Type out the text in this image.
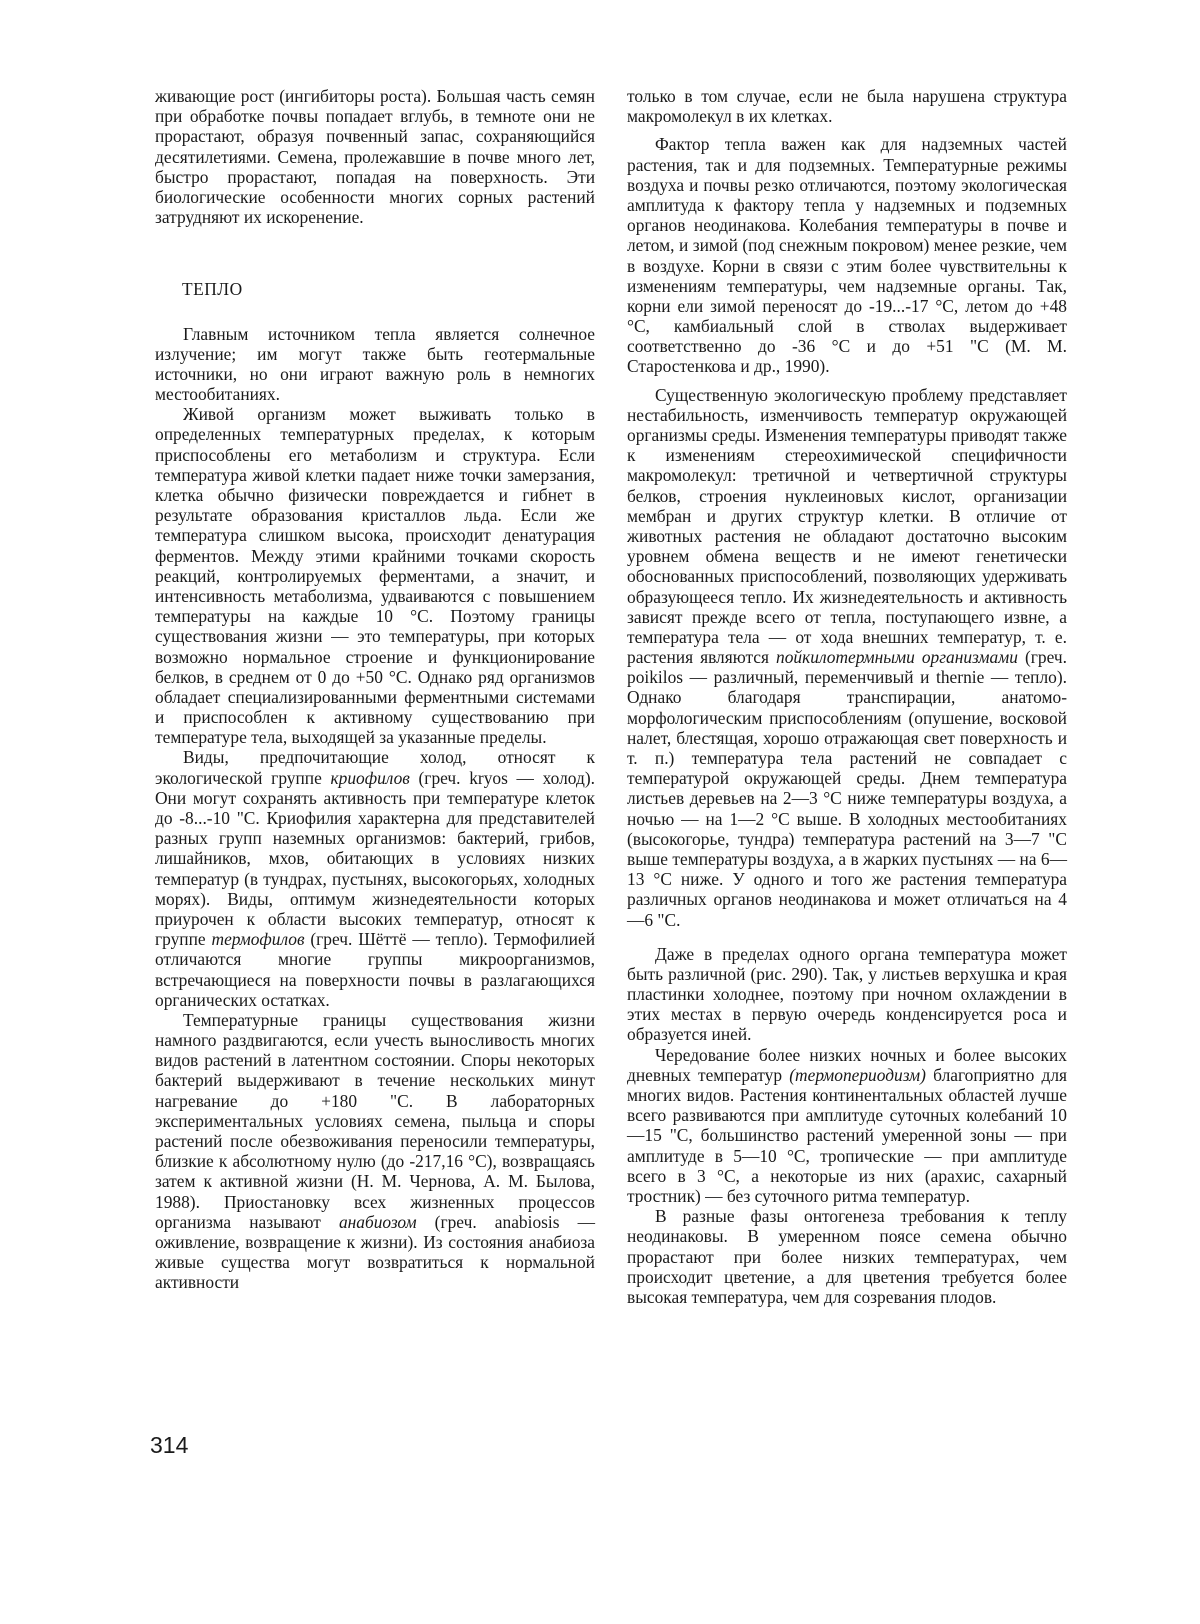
живающие рост (ингибиторы роста). Большая часть семян при обработке почвы попадает вглубь, в темноте они не прорастают, образуя почвенный запас, сохраняющийся десятилетиями. Семена, пролежавшие в почве много лет, быстро прорастают, попадая на поверхность. Эти биологические особенности многих сорных растений затрудняют их искоренение.

ТЕПЛО

Главным источником тепла является солнечное излучение; им могут также быть геотермальные источники, но они играют важную роль в немногих местообитаниях.

Живой организм может выживать только в определенных температурных пределах, к которым приспособлены его метаболизм и структура. Если температура живой клетки падает ниже точки замерзания, клетка обычно физически повреждается и гибнет в результате образования кристаллов льда. Если же температура слишком высока, происходит денатурация ферментов. Между этими крайними точками скорость реакций, контролируемых ферментами, а значит, и интенсивность метаболизма, удваиваются с повышением температуры на каждые 10 °С. Поэтому границы существования жизни — это температуры, при которых возможно нормальное строение и функционирование белков, в среднем от 0 до +50 °С. Однако ряд организмов обладает специализированными ферментными системами и приспособлен к активному существованию при температуре тела, выходящей за указанные пределы.

Виды, предпочитающие холод, относят к экологической группе криофилов (греч. kryos — холод). Они могут сохранять активность при температуре клеток до -8...-10 "С. Криофилия характерна для представителей разных групп наземных организмов: бактерий, грибов, лишайников, мхов, обитающих в условиях низких температур (в тундрах, пустынях, высокогорьях, холодных морях). Виды, оптимум жизнедеятельности которых приурочен к области высоких температур, относят к группе термофилов (греч. Шёттё — тепло). Термофилией отличаются многие группы микроорганизмов, встречающиеся на поверхности почвы в разлагающихся органических остатках.

Температурные границы существования жизни намного раздвигаются, если учесть выносливость многих видов растений в латентном состоянии. Споры некоторых бактерий выдерживают в течение нескольких минут нагревание до +180 "С. В лабораторных экспериментальных условиях семена, пыльца и споры растений после обезвоживания переносили температуры, близкие к абсолютному нулю (до -217,16 °С), возвращаясь затем к активной жизни (Н. М. Чернова, А. М. Былова, 1988). Приостановку всех жизненных процессов организма называют анабиозом (греч. anabiosis — оживление, возвращение к жизни). Из состояния анабиоза живые существа могут возвратиться к нормальной активности

только в том случае, если не была нарушена структура макромолекул в их клетках.

Фактор тепла важен как для надземных частей растения, так и для подземных. Температурные режимы воздуха и почвы резко отличаются, поэтому экологическая амплитуда к фактору тепла у надземных и подземных органов неодинакова. Колебания температуры в почве и летом, и зимой (под снежным покровом) менее резкие, чем в воздухе. Корни в связи с этим более чувствительны к изменениям температуры, чем надземные органы. Так, корни ели зимой переносят до -19...-17 °С, летом до +48 °С, камбиальный слой в стволах выдерживает соответственно до -36 °С и до +51 "С (М. М. Старостенкова и др., 1990).

Существенную экологическую проблему представляет нестабильность, изменчивость температур окружающей организмы среды. Изменения температуры приводят также к изменениям стереохимической специфичности макромолекул: третичной и четвертичной структуры белков, строения нуклеиновых кислот, организации мембран и других структур клетки. В отличие от животных растения не обладают достаточно высоким уровнем обмена веществ и не имеют генетически обоснованных приспособлений, позволяющих удерживать образующееся тепло. Их жизнедеятельность и активность зависят прежде всего от тепла, поступающего извне, а температура тела — от хода внешних температур, т. е. растения являются пойкилотермными организмами (греч. poikilos — различный, переменчивый и thernie — тепло). Однако благодаря транспирации, анатомо-морфологическим приспособлениям (опушение, восковой налет, блестящая, хорошо отражающая свет поверхность и т. п.) температура тела растений не совпадает с температурой окружающей среды. Днем температура листьев деревьев на 2—3 °С ниже температуры воздуха, а ночью — на 1—2 °С выше. В холодных местообитаниях (высокогорье, тундра) температура растений на 3—7 "С выше температуры воздуха, а в жарких пустынях — на 6—13 °С ниже. У одного и того же растения температура различных органов неодинакова и может отличаться на 4—6 "С.

Даже в пределах одного органа температура может быть различной (рис. 290). Так, у листьев верхушка и края пластинки холоднее, поэтому при ночном охлаждении в этих местах в первую очередь конденсируется роса и образуется иней.

Чередование более низких ночных и более высоких дневных температур (термопериодизм) благоприятно для многих видов. Растения континентальных областей лучше всего развиваются при амплитуде суточных колебаний 10—15 "С, большинство растений умеренной зоны — при амплитуде в 5—10 °С, тропические — при амплитуде всего в 3 °С, а некоторые из них (арахис, сахарный тростник) — без суточного ритма температур.

В разные фазы онтогенеза требования к теплу неодинаковы. В умеренном поясе семена обычно прорастают при более низких температурах, чем происходит цветение, а для цветения требуется более высокая температура, чем для созревания плодов.

314
